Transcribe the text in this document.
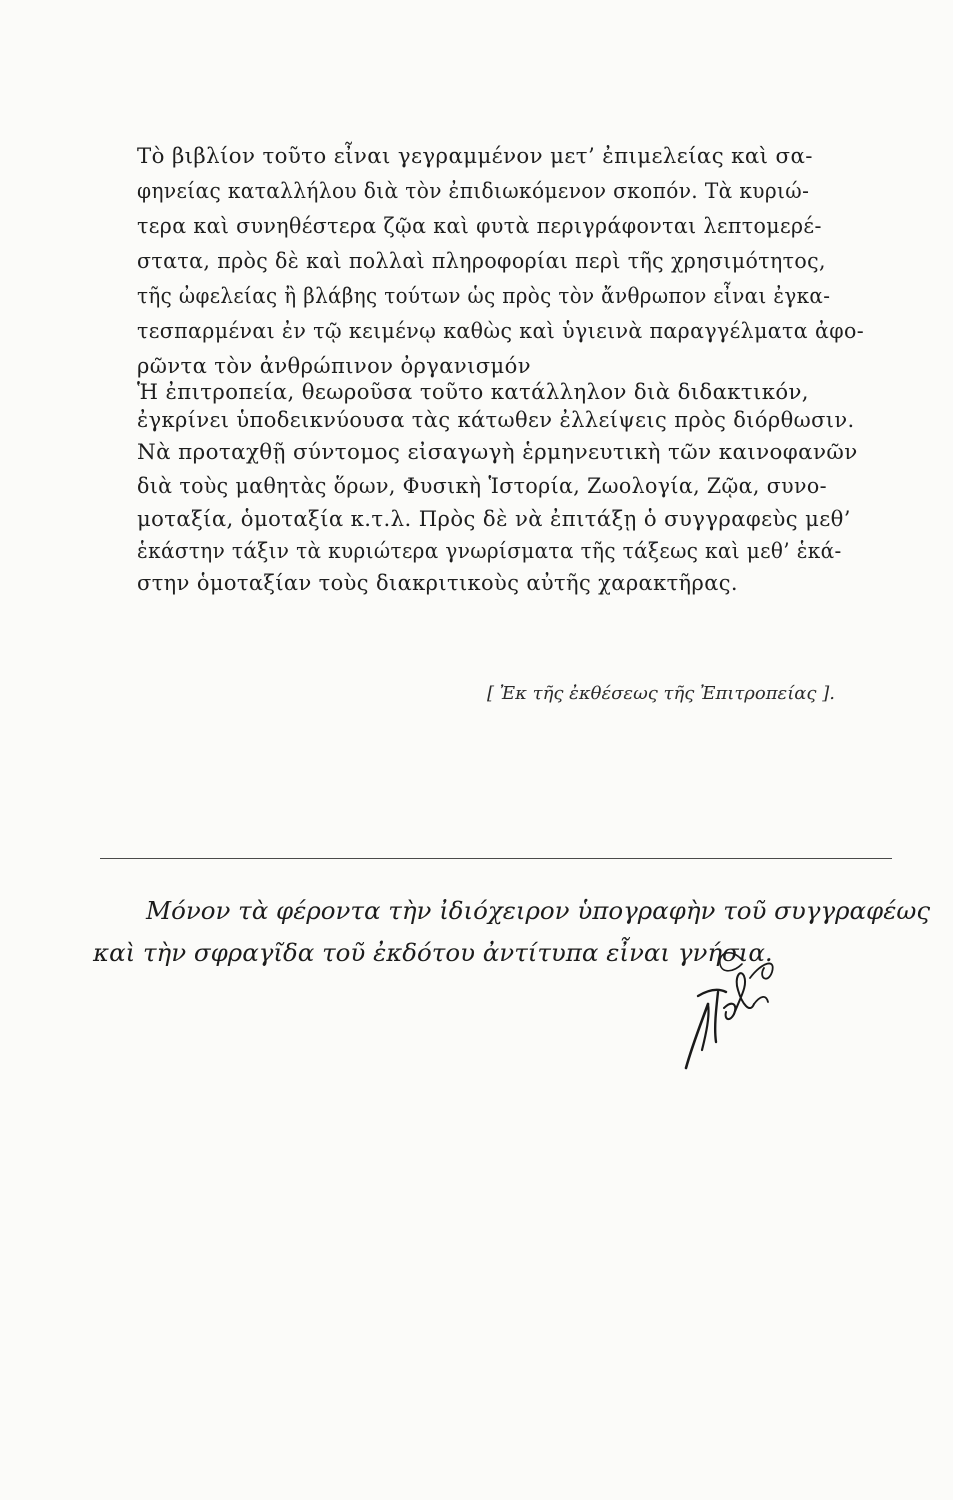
Τὸ βιβλίον τοῦτο εἶναι γεγραμμένον μετ’ ἐπιμελείας καὶ σα-
φηνείας καταλλήλου διὰ τὸν ἐπιδιωκόμενον σκοπόν. Τὰ κυριώ-
τερα καὶ συνηθέστερα ζῷα καὶ φυτὰ περιγράφονται λεπτομερέ-
στατα, πρὸς δὲ καὶ πολλαὶ πληροφορίαι περὶ τῆς χρησιμότητος,
τῆς ὠφελείας ἢ βλάβης τούτων ὡς πρὸς τὸν ἄνθρωπον εἶναι ἐγκα-
τεσπαρμέναι ἐν τῷ κειμένῳ καθὼς καὶ ὑγιεινὰ παραγγέλματα ἀφο-
ρῶντα τὸν ἀνθρώπινον ὀργανισμόν
Ἡ ἐπιτροπεία, θεωροῦσα τοῦτο κατάλληλον διὰ διδακτικόν,
ἐγκρίνει ὑποδεικνύουσα τὰς κάτωθεν ἐλλείψεις πρὸς διόρθωσιν.
Νὰ προταχθῇ σύντομος εἰσαγωγὴ ἑρμηνευτικὴ τῶν καινοφανῶν
διὰ τοὺς μαθητὰς ὅρων, Φυσικὴ Ἱστορία, Ζωολογία, Ζῷα, συνο-
μοταξία, ὁμοταξία κ.τ.λ. Πρὸς δὲ νὰ ἐπιτάξῃ ὁ συγγραφεὺς μεθ’
ἑκάστην τάξιν τὰ κυριώτερα γνωρίσματα τῆς τάξεως καὶ μεθ’ ἑκά-
στην ὁμοταξίαν τοὺς διακριτικοὺς αὐτῆς χαρακτῆρας.
[ Ἐκ τῆς ἐκθέσεως τῆς Ἐπιτροπείας ].
Μόνον τὰ φέροντα τὴν ἰδιόχειρον ὑπογραφὴν τοῦ συγγραφέως
καὶ τὴν σφραγῖδα τοῦ ἐκδότου ἀντίτυπα εἶναι γνήσια.
